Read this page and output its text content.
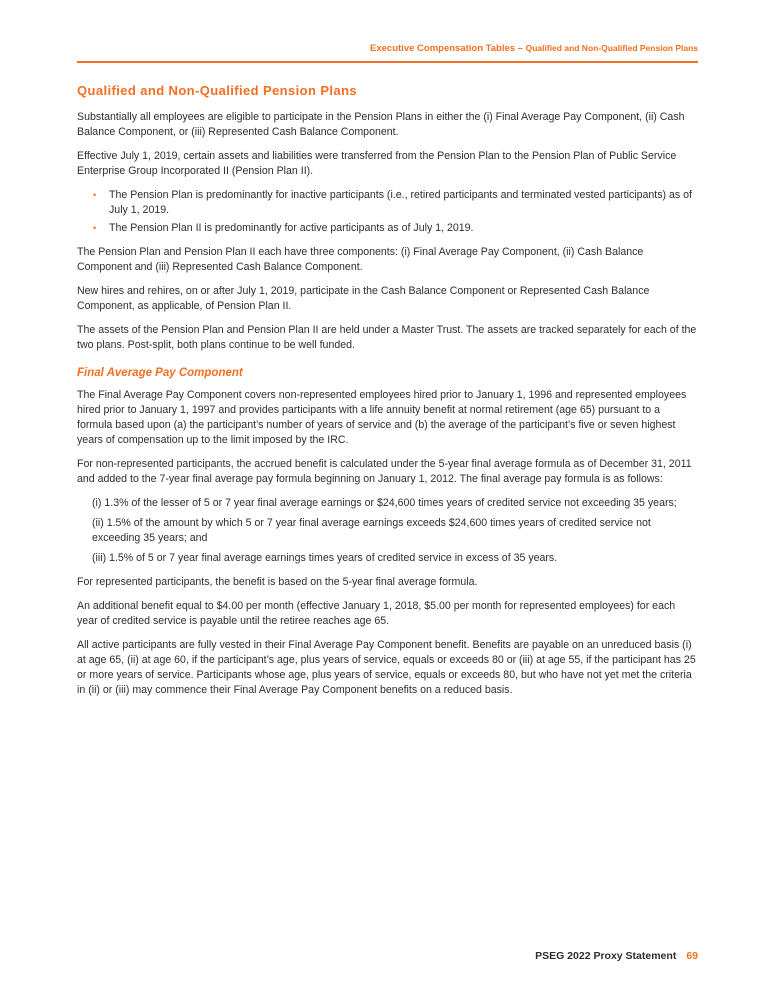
Executive Compensation Tables – Qualified and Non-Qualified Pension Plans
Qualified and Non-Qualified Pension Plans

Substantially all employees are eligible to participate in the Pension Plans in either the (i) Final Average Pay Component, (ii) Cash Balance Component, or (iii) Represented Cash Balance Component.

Effective July 1, 2019, certain assets and liabilities were transferred from the Pension Plan to the Pension Plan of Public Service Enterprise Group Incorporated II (Pension Plan II).

•	The Pension Plan is predominantly for inactive participants (i.e., retired participants and terminated vested participants) as of July 1, 2019.
•	The Pension Plan II is predominantly for active participants as of July 1, 2019.

The Pension Plan and Pension Plan II each have three components: (i) Final Average Pay Component, (ii) Cash Balance Component and (iii) Represented Cash Balance Component.

New hires and rehires, on or after July 1, 2019, participate in the Cash Balance Component or Represented Cash Balance Component, as applicable, of Pension Plan II.

The assets of the Pension Plan and Pension Plan II are held under a Master Trust. The assets are tracked separately for each of the two plans. Post-split, both plans continue to be well funded.

Final Average Pay Component

The Final Average Pay Component covers non-represented employees hired prior to January 1, 1996 and represented employees hired prior to January 1, 1997 and provides participants with a life annuity benefit at normal retirement (age 65) pursuant to a formula based upon (a) the participant’s number of years of service and (b) the average of the participant’s five or seven highest years of compensation up to the limit imposed by the IRC.

For non-represented participants, the accrued benefit is calculated under the 5-year final average formula as of December 31, 2011 and added to the 7-year final average pay formula beginning on January 1, 2012. The final average pay formula is as follows:

(i) 1.3% of the lesser of 5 or 7 year final average earnings or $24,600 times years of credited service not exceeding 35 years;
(ii) 1.5% of the amount by which 5 or 7 year final average earnings exceeds $24,600 times years of credited service not exceeding 35 years; and
(iii) 1.5% of 5 or 7 year final average earnings times years of credited service in excess of 35 years.

For represented participants, the benefit is based on the 5-year final average formula.

An additional benefit equal to $4.00 per month (effective January 1, 2018, $5.00 per month for represented employees) for each year of credited service is payable until the retiree reaches age 65.

All active participants are fully vested in their Final Average Pay Component benefit. Benefits are payable on an unreduced basis (i) at age 65, (ii) at age 60, if the participant’s age, plus years of service, equals or exceeds 80 or (iii) at age 55, if the participant has 25 or more years of service. Participants whose age, plus years of service, equals or exceeds 80, but who have not yet met the criteria in (ii) or (iii) may commence their Final Average Pay Component benefits on a reduced basis.

PSEG 2022 Proxy Statement 69
